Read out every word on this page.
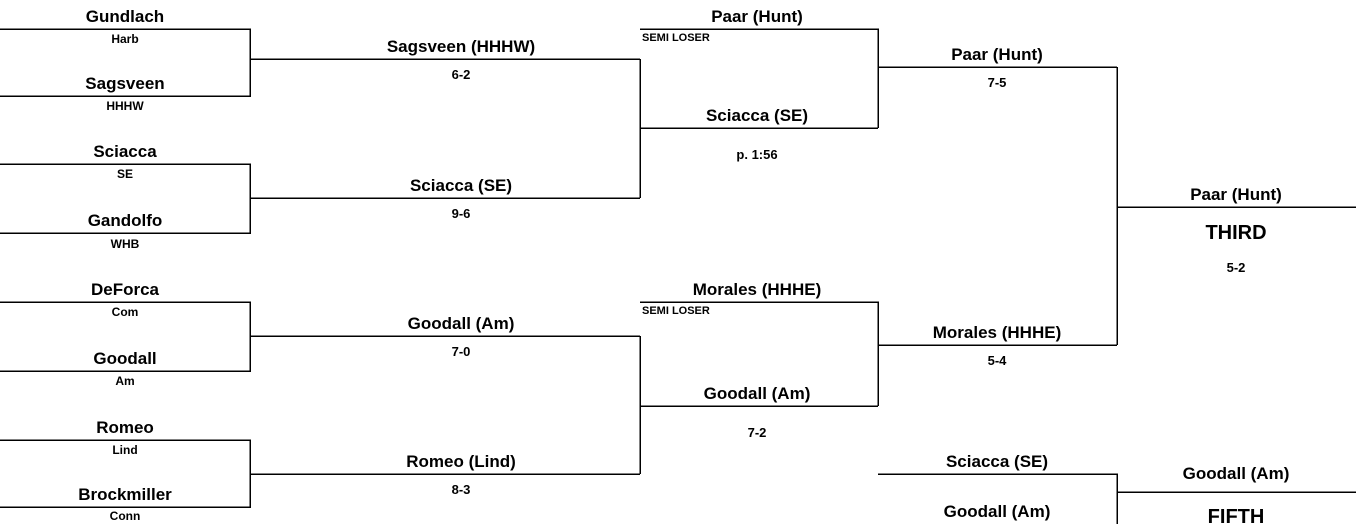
Gundlach
Harb
Sagsveen
HHHW
Sciacca
SE
Gandolfo
WHB
DeForca
Com
Goodall
Am
Romeo
Lind
Brockmiller
Conn
Sagsveen (HHHW)
6-2
Sciacca (SE)
9-6
Goodall (Am)
7-0
Romeo (Lind)
8-3
Paar (Hunt)
SEMI LOSER
Sciacca (SE)
p. 1:56
Morales (HHHE)
SEMI LOSER
Goodall (Am)
7-2
Paar (Hunt)
7-5
Morales (HHHE)
5-4
Paar (Hunt)
THIRD
5-2
Sciacca (SE)
Goodall (Am)
Goodall (Am)
FIFTH
